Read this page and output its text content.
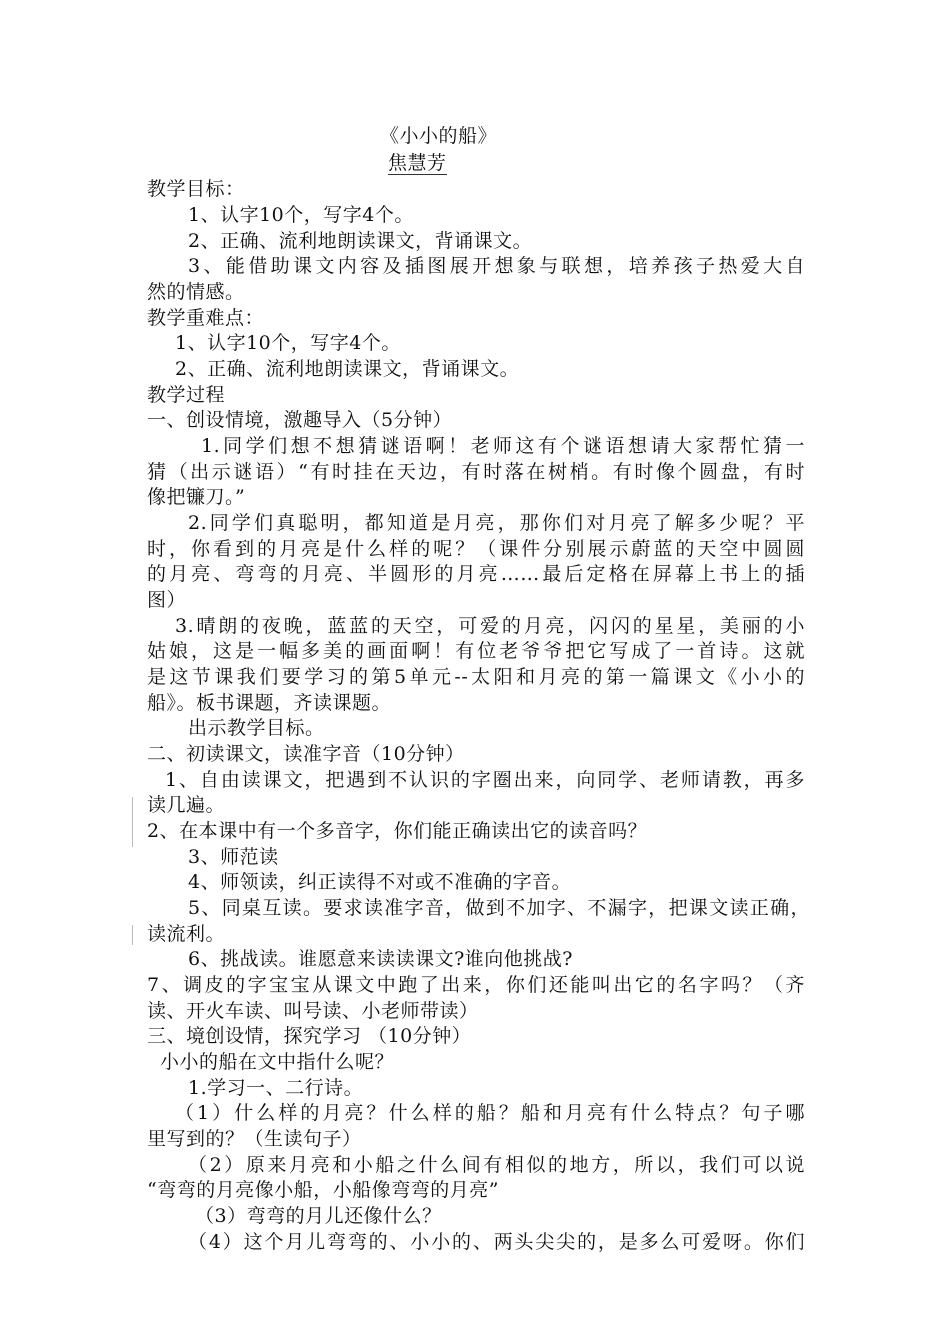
《小小的船》
焦慧芳
教学目标：
1、认字10个，写字4个。
2、正确、流利地朗读课文，背诵课文。
3、能借助课文内容及插图展开想象与联想，培养孩子热爱大自
然的情感。
教学重难点：
1、认字10个，写字4个。
2、正确、流利地朗读课文，背诵课文。
教学过程
一、创设情境，激趣导入（5分钟）
1.同学们想不想猜谜语啊！老师这有个谜语想请大家帮忙猜一
猜（出示谜语）“有时挂在天边，有时落在树梢。有时像个圆盘，有时
像把镰刀。”
2.同学们真聪明，都知道是月亮，那你们对月亮了解多少呢？平
时，你看到的月亮是什么样的呢？（课件分别展示蔚蓝的天空中圆圆
的月亮、弯弯的月亮、半圆形的月亮……最后定格在屏幕上书上的插
图）
3.晴朗的夜晚，蓝蓝的天空，可爱的月亮，闪闪的星星，美丽的小
姑娘，这是一幅多美的画面啊！有位老爷爷把它写成了一首诗。这就
是这节课我们要学习的第5单元--太阳和月亮的第一篇课文《小小的
船》。板书课题，齐读课题。
出示教学目标。
二、初读课文，读准字音（10分钟）
1、自由读课文，把遇到不认识的字圈出来，向同学、老师请教，再多
读几遍。
2、在本课中有一个多音字，你们能正确读出它的读音吗？
3、师范读
4、师领读，纠正读得不对或不准确的字音。
5、同桌互读。要求读准字音，做到不加字、不漏字，把课文读正确，
读流利。
6、挑战读。谁愿意来读读课文?谁向他挑战?
7、调皮的字宝宝从课文中跑了出来，你们还能叫出它的名字吗？（齐
读、开火车读、叫号读、小老师带读）
三、境创设情，探究学习 （10分钟）
小小的船在文中指什么呢？
1.学习一、二行诗。
（1）什么样的月亮？什么样的船？船和月亮有什么特点？句子哪
里写到的？（生读句子）
（2）原来月亮和小船之什么间有相似的地方，所以，我们可以说
“弯弯的月亮像小船，小船像弯弯的月亮”
（3）弯弯的月儿还像什么？
（4）这个月儿弯弯的、小小的、两头尖尖的，是多么可爱呀。你们
